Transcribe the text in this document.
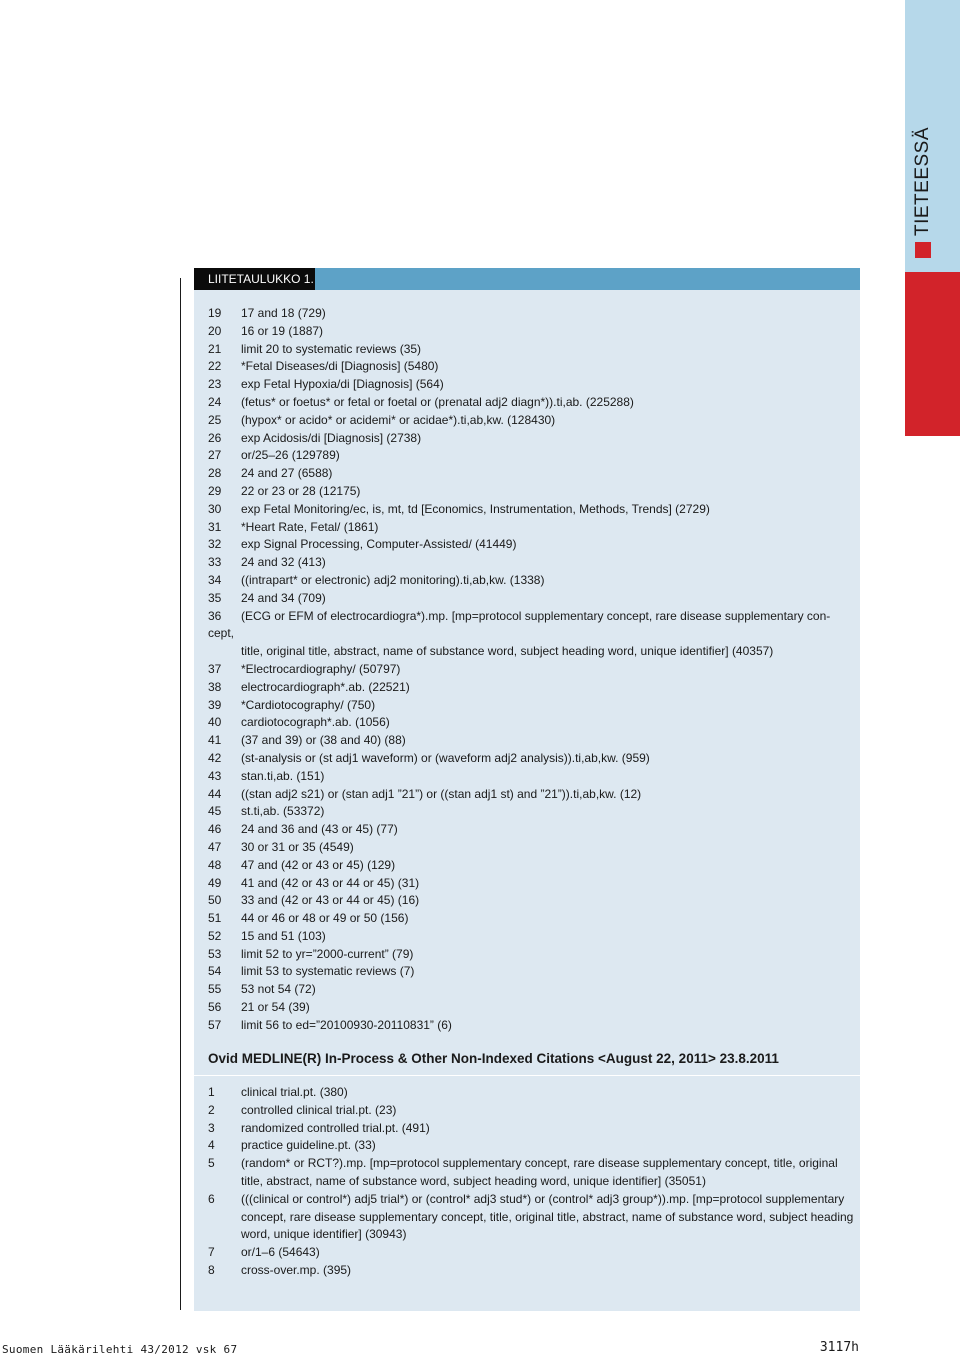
TIETEESSÄ
LIITETAULUKKO 1.
19	17 and 18 (729)
20	16 or 19 (1887)
21	limit 20 to systematic reviews (35)
22	*Fetal Diseases/di [Diagnosis] (5480)
23	exp Fetal Hypoxia/di [Diagnosis] (564)
24	(fetus* or foetus* or fetal or foetal or (prenatal adj2 diagn*)).ti,ab. (225288)
25	(hypox* or acido* or acidemi* or acidae*).ti,ab,kw. (128430)
26	exp Acidosis/di [Diagnosis] (2738)
27	or/25–26 (129789)
28	24 and 27 (6588)
29	22 or 23 or 28 (12175)
30	exp Fetal Monitoring/ec, is, mt, td [Economics, Instrumentation, Methods, Trends] (2729)
31	*Heart Rate, Fetal/ (1861)
32	exp Signal Processing, Computer-Assisted/ (41449)
33	24 and 32 (413)
34	((intrapart* or electronic) adj2 monitoring).ti,ab,kw. (1338)
35	24 and 34 (709)
36	(ECG or EFM of electrocardiogra*).mp. [mp=protocol supplementary concept, rare disease supplementary con-
cept,
title, original title, abstract, name of substance word, subject heading word, unique identifier] (40357)
37	*Electrocardiography/ (50797)
38	electrocardiograph*.ab. (22521)
39	*Cardiotocography/ (750)
40	cardiotocograph*.ab. (1056)
41	(37 and 39) or (38 and 40) (88)
42	(st-analysis or (st adj1 waveform) or (waveform adj2 analysis)).ti,ab,kw. (959)
43	stan.ti,ab. (151)
44	((stan adj2 s21) or (stan adj1 ”21”) or ((stan adj1 st) and ”21”)).ti,ab,kw. (12)
45	st.ti,ab. (53372)
46	24 and 36 and (43 or 45) (77)
47	30 or 31 or 35 (4549)
48	47 and (42 or 43 or 45) (129)
49	41 and (42 or 43 or 44 or 45) (31)
50	33 and (42 or 43 or 44 or 45) (16)
51	44 or 46 or 48 or 49 or 50 (156)
52	15 and 51 (103)
53	limit 52 to yr=”2000-current” (79)
54	limit 53 to systematic reviews (7)
55	53 not 54 (72)
56	21 or 54 (39)
57	limit 56 to ed=”20100930-20110831” (6)
Ovid MEDLINE(R) In-Process & Other Non-Indexed Citations <August 22, 2011> 23.8.2011
1	clinical trial.pt. (380)
2	controlled clinical trial.pt. (23)
3	randomized controlled trial.pt. (491)
4	practice guideline.pt. (33)
5	(random* or RCT?).mp. [mp=protocol supplementary concept, rare disease supplementary concept, title, original title, abstract, name of substance word, subject heading word, unique identifier] (35051)
6	(((clinical or control*) adj5 trial*) or (control* adj3 stud*) or (control* adj3 group*)).mp. [mp=protocol supplementary concept, rare disease supplementary concept, title, original title, abstract, name of substance word, subject heading word, unique identifier] (30943)
7	or/1–6 (54643)
8	cross-over.mp. (395)
Suomen Lääkärilehti 43/2012 vsk 67	3117h
